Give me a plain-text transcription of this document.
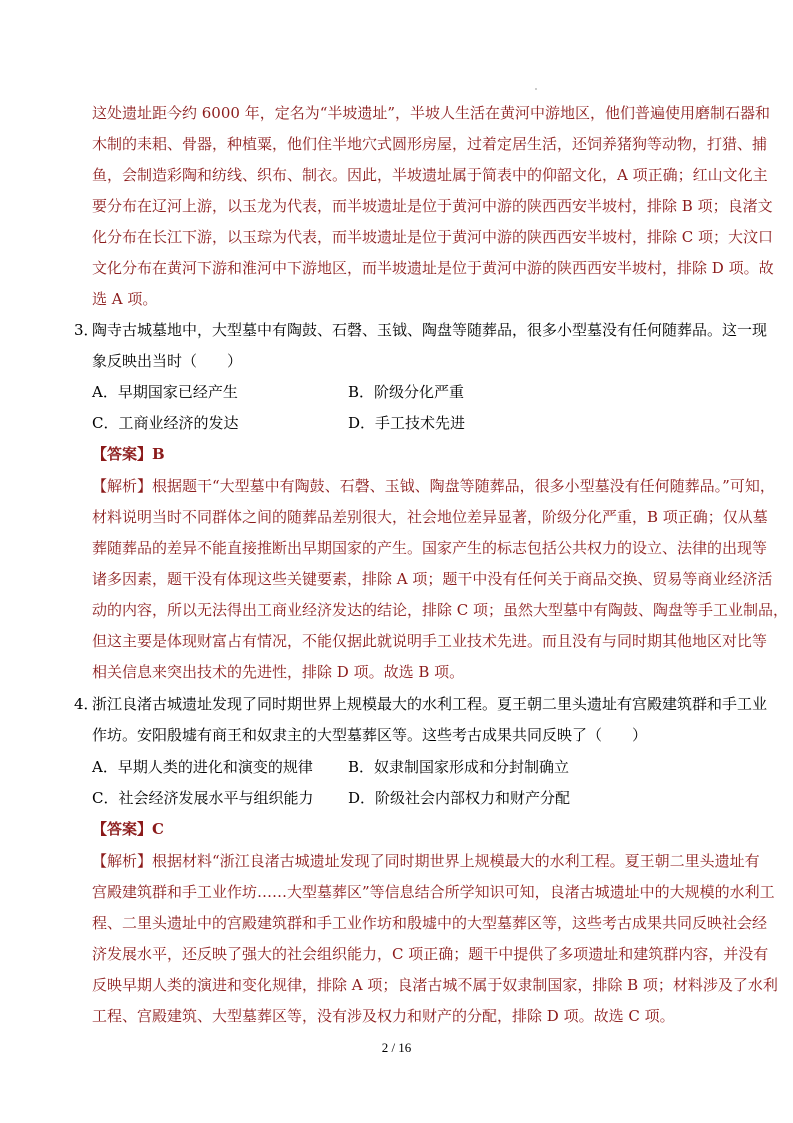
这处遗址距今约 6000 年，定名为“半坡遗址”，半坡人生活在黄河中游地区，他们普遍使用磨制石器和
木制的耒耜、骨器，种植粟，他们住半地穴式圆形房屋，过着定居生活，还饲养猪狗等动物，打猎、捕
鱼，会制造彩陶和纺线、织布、制衣。因此，半坡遗址属于简表中的仰韶文化，A 项正确；红山文化主
要分布在辽河上游，以玉龙为代表，而半坡遗址是位于黄河中游的陕西西安半坡村，排除 B 项；良渚文
化分布在长江下游，以玉琮为代表，而半坡遗址是位于黄河中游的陕西西安半坡村，排除 C 项；大汶口
文化分布在黄河下游和淮河中下游地区，而半坡遗址是位于黄河中游的陕西西安半坡村，排除 D 项。故
选 A 项。
3．
陶寺古城墓地中，大型墓中有陶鼓、石磬、玉钺、陶盘等随葬品，很多小型墓没有任何随葬品。这一现
象反映出当时（　　）
A．早期国家已经产生	B．阶级分化严重
C．工商业经济的发达	D．手工技术先进
【答案】B
【解析】根据题干“大型墓中有陶鼓、石磬、玉钺、陶盘等随葬品，很多小型墓没有任何随葬品。”可知，
材料说明当时不同群体之间的随葬品差别很大，社会地位差异显著，阶级分化严重，B 项正确；仅从墓
葬随葬品的差异不能直接推断出早期国家的产生。国家产生的标志包括公共权力的设立、法律的出现等
诸多因素，题干没有体现这些关键要素，排除 A 项；题干中没有任何关于商品交换、贸易等商业经济活
动的内容，所以无法得出工商业经济发达的结论，排除 C 项；虽然大型墓中有陶鼓、陶盘等手工业制品，
但这主要是体现财富占有情况，不能仅据此就说明手工业技术先进。而且没有与同时期其他地区对比等
相关信息来突出技术的先进性，排除 D 项。故选 B 项。
4．
浙江良渚古城遗址发现了同时期世界上规模最大的水利工程。夏王朝二里头遗址有宫殿建筑群和手工业
作坊。安阳殷墟有商王和奴隶主的大型墓葬区等。这些考古成果共同反映了（　　）
A．早期人类的进化和演变的规律 B．奴隶制国家形成和分封制确立
C．社会经济发展水平与组织能力 D．阶级社会内部权力和财产分配
【答案】C
【解析】根据材料“浙江良渚古城遗址发现了同时期世界上规模最大的水利工程。夏王朝二里头遗址有
宫殿建筑群和手工业作坊……大型墓葬区”等信息结合所学知识可知，良渚古城遗址中的大规模的水利工
程、二里头遗址中的宫殿建筑群和手工业作坊和殷墟中的大型墓葬区等，这些考古成果共同反映社会经
济发展水平，还反映了强大的社会组织能力，C 项正确；题干中提供了多项遗址和建筑群内容，并没有
反映早期人类的演进和变化规律，排除 A 项；良渚古城不属于奴隶制国家，排除 B 项；材料涉及了水利
工程、宫殿建筑、大型墓葬区等，没有涉及权力和财产的分配，排除 D 项。故选 C 项。
2 / 16
